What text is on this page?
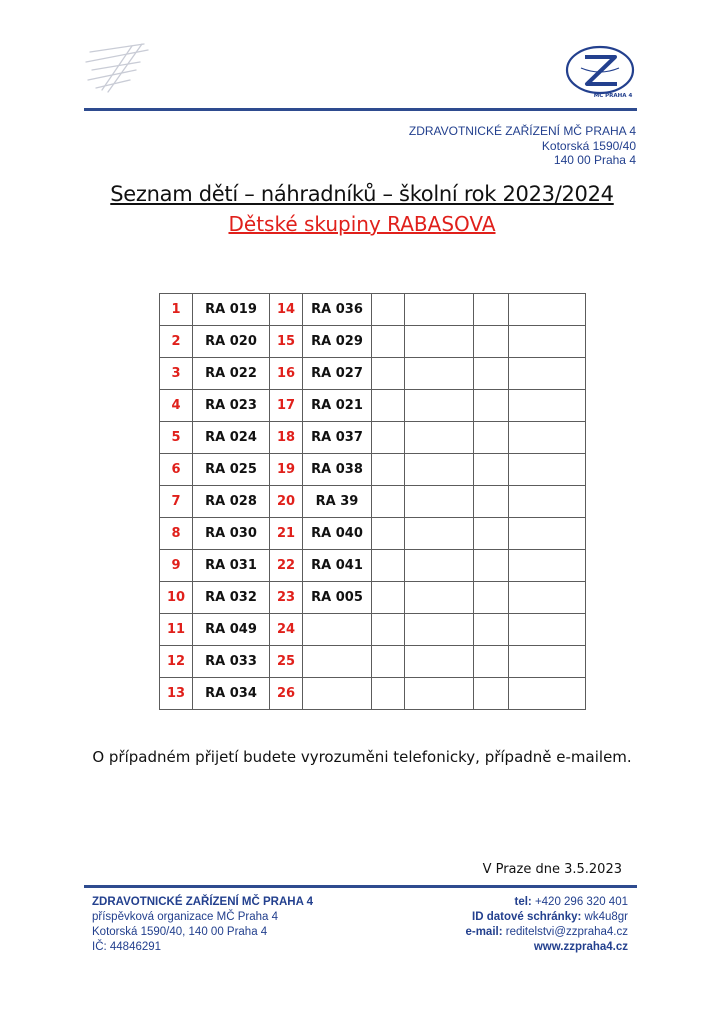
MČ PRAHA 4
ZDRAVOTNICKÉ ZAŘÍZENÍ MČ PRAHA 4
Kotorská 1590/40
140 00 Praha 4
Seznam dětí – náhradníků – školní rok 2023/2024
Dětské skupiny RABASOVA
1	RA 019	14	RA 036				
2	RA 020	15	RA 029				
3	RA 022	16	RA 027				
4	RA 023	17	RA 021				
5	RA 024	18	RA 037				
6	RA 025	19	RA 038				
7	RA 028	20	RA 39				
8	RA 030	21	RA 040				
9	RA 031	22	RA 041				
10	RA 032	23	RA 005				
11	RA 049	24					
12	RA 033	25					
13	RA 034	26					
O případném přijetí budete vyrozuměni telefonicky, případně e-mailem.
V Praze dne 3.5.2023
ZDRAVOTNICKÉ ZAŘÍZENÍ MČ PRAHA 4
příspěvková organizace MČ Praha 4
Kotorská 1590/40, 140 00 Praha 4
IČ: 44846291
tel: +420 296 320 401
ID datové schránky: wk4u8gr
e-mail: reditelstvi@zzpraha4.cz
www.zzpraha4.cz
